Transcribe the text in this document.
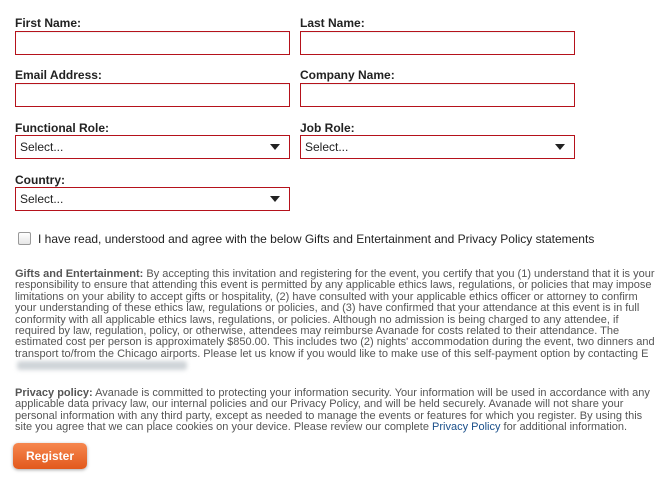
First Name:	Last Name:
Email Address:	Company Name:
Functional Role:
Select...
Job Role:
Select...
Country:
Select...
I have read, understood and agree with the below Gifts and Entertainment and Privacy Policy statements
Gifts and Entertainment: By accepting this invitation and registering for the event, you certify that you (1) understand that it is your responsibility to ensure that attending this event is permitted by any applicable ethics laws, regulations, or policies that may impose limitations on your ability to accept gifts or hospitality, (2) have consulted with your applicable ethics officer or attorney to confirm your understanding of these ethics law, regulations or policies, and (3) have confirmed that your attendance at this event is in full conformity with all applicable ethics laws, regulations, or policies. Although no admission is being charged to any attendee, if required by law, regulation, policy, or otherwise, attendees may reimburse Avanade for costs related to their attendance. The estimated cost per person is approximately $850.00. This includes two (2) nights' accommodation during the event, two dinners and transport to/from the Chicago airports. Please let us know if you would like to make use of this self-payment option by contacting E
Privacy policy: Avanade is committed to protecting your information security. Your information will be used in accordance with any applicable data privacy law, our internal policies and our Privacy Policy, and will be held securely. Avanade will not share your personal information with any third party, except as needed to manage the events or features for which you register. By using this site you agree that we can place cookies on your device. Please review our complete Privacy Policy for additional information.
Register
